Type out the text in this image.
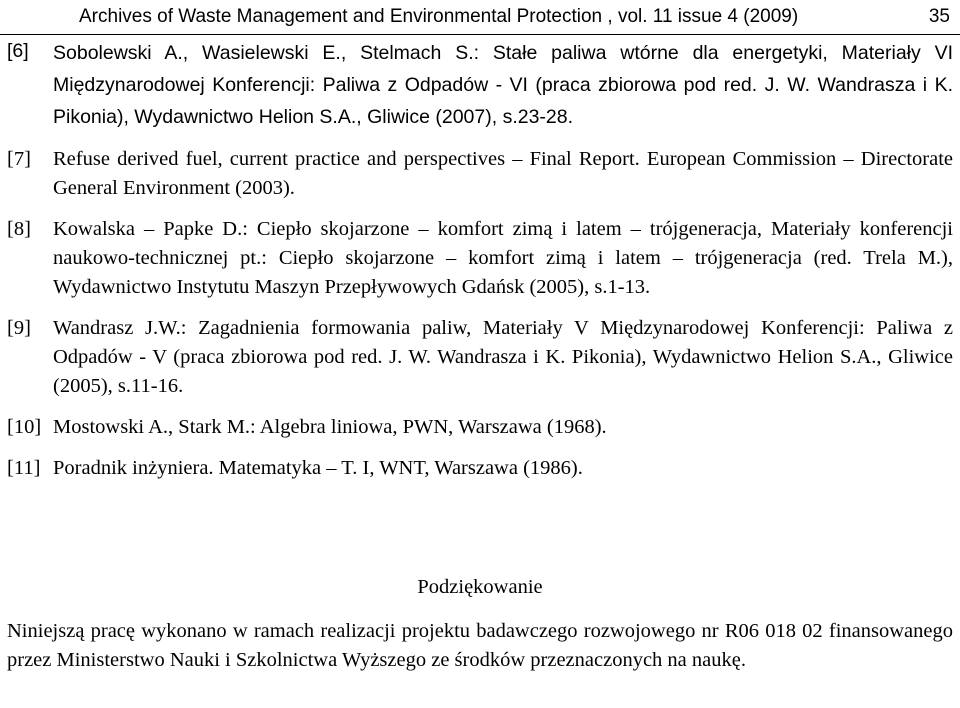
Archives of Waste Management and Environmental Protection , vol. 11 issue 4 (2009)	35
[6]	Sobolewski A., Wasielewski E., Stelmach S.: Stałe paliwa wtórne dla energetyki, Materiały VI Międzynarodowej Konferencji: Paliwa z Odpadów - VI (praca zbiorowa pod red. J. W. Wandrasza i K. Pikonia), Wydawnictwo Helion S.A., Gliwice (2007), s.23-28.
[7]	Refuse derived fuel, current practice and perspectives – Final Report. European Commission – Directorate General Environment (2003).
[8]	Kowalska – Papke D.: Ciepło skojarzone – komfort zimą i latem – trójgeneracja, Materiały konferencji naukowo-technicznej pt.: Ciepło skojarzone – komfort zimą i latem – trójgeneracja (red. Trela M.), Wydawnictwo Instytutu Maszyn Przepływowych Gdańsk (2005), s.1-13.
[9]	Wandrasz J.W.: Zagadnienia formowania paliw, Materiały V Międzynarodowej Konferencji: Paliwa z Odpadów - V (praca zbiorowa pod red. J. W. Wandrasza i K. Pikonia), Wydawnictwo Helion S.A., Gliwice (2005), s.11-16.
[10] Mostowski A., Stark M.: Algebra liniowa, PWN, Warszawa (1968).
[11] Poradnik inżyniera. Matematyka – T. I, WNT, Warszawa (1986).
Podziękowanie
Niniejszą pracę wykonano w ramach realizacji projektu badawczego rozwojowego nr R06 018 02 finansowanego przez Ministerstwo Nauki i Szkolnictwa Wyższego ze środków przeznaczonych na naukę.
